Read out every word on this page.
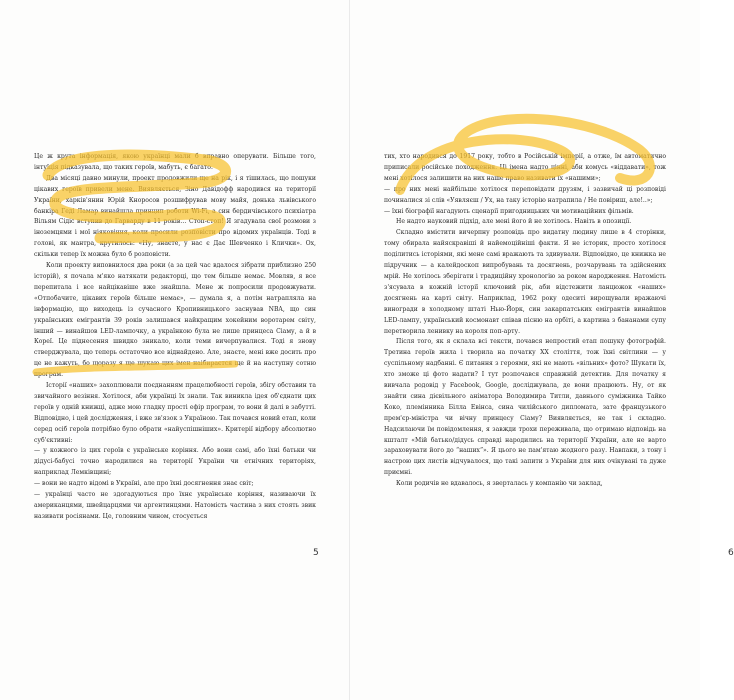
Це ж крута інформація, якою українці мали б вправно оперувати. Більше того, інтуїція підказувала, що таких героїв, мабуть, є багато.

Два місяці давно минули, проект продовжили ще на рік, і я тішилась, що пошуки цікавих героїв привели мене. Виявляється, Зіно Давідофф народився на території України, харків'янин Юрій Кноросов розшифрував мову майя, донька львівського банкіра Геді Ламар винайшла принцип роботи Wi-Fi, а син бердичівського психіатра Вільям Сідіс вступив до Гарварду в 11 років… Стоп-стоп! Я згадувала свої розмови з іноземцями і мої ніяковіння, коли просили розповісти про відомих українців. Тоді в голові, як мантра, крутилось: «Ну, знаєте, у нас є Дає Шевченко і Клички». Ох, скільки тепер їх можна було б розповісти.

Коли проекту виповнилося два роки (а за цей час вдалося зібрати приблизно 250 історій), я почала м'яко натякати редакторці, що тем більше немає. Мовляв, я все перепитала і все найцікавіше вже знайшла. Мене ж попросили продовжувати. «Отпобачите, цікавих героїв більше немає», — думала я, а потім натрапляла на інформацію, що виходець із сучасного Кропивницького заснував NBA, що син українських емігрантів 39 років залишався найкращим хокейним воротарем світу, інший — винайшов LED-лампочку, а українкою була не лише принцеса Сіаму, а й в Кореї. Це піднесення швидко зникало, коли теми вичерпувалися. Тоді я знову стверджувала, що теперь остаточно все віднайдено. Але, знаєте, мені вже досить про це не кажуть, бо щоразу я ще шукаю цих імен наібираєтся ще й на наступну сотню програм.

Історії «наших» захоплювали поєднанням працелюбності героїв, збігу обставин та звичайного везіння. Хотілося, аби українці їх знали. Так виникла ідея об'єднати цих героїв у одній книжці, адже мою гладку прості ефір програм, то вони й далі в забутті. Відповідно, і цей дослідження, і вже зв'язок з Україною. Так почався новий етап, коли серед осіб героїв потрібно було обрати «найуспішніших». Критерії відбору абсолютно суб'єктивні:

— у кожного із цих героїв є українське коріння. Або вони самі, або їхні батьки чи дідусі-бабусі точно народилися на території України чи етнічних територіях, наприклад Лемківщині;

— вони не надто відомі в Україні, але про їхні досягнення знає світ;

— українці часто не здогадуються про їхнє українське коріння, називаючи їх американцями, швейцарцями чи аргентинцями. Натомість частина з них стоять звик називати росіянами. Це, головним чином, стосується

5

тих, хто народився до 1917 року, тобто в Російській імперії, а отже, їм автоматично приписали російське походження. Ці імена надто цінні, аби комусь «віддавати», тож мені хотілося залишити на них наше право називати їх «нашими»;

— про них мені найбільше хотілося переповідати друзям, і зазвичай ці розповіді починалися зі слів «Уявляєш / Ух, на таку історію натрапила / Не повіриш, але!..»;

— їхні біографії нагадують сценарії пригодницьких чи мотиваційних фільмів.

Не надто науковий підхід, але мені його й не хотілось. Навіть в опозиції.

Складно вмістити вичерпну розповідь про видатну людину лише в 4 сторінки, тому обирала найяскравіші й найемоційніші факти. Я не історик, просто хотілося поділитись історіями, які мене самі вражають та здивували. Відповідно, це книжка не підручник — а калейдоскоп випробувань та досягнень, розчарувань та здійснених мрій. Не хотілось зберігати і традиційну хронологію за роком народження. Натомість з'ясувала в кожній історії ключовий рік, аби відстежити ланцюжок «наших» досягнень на карті світу. Наприклад, 1962 року одеситі вирощували вражаючі виногради в холодному штаті Нью-Йорк, син закарпатських емігрантів винайшов LED-лампу, український космонавт співав пісню на орбіті, а картина з бананами супу перетворила ленивку на короля поп-арту.

Після того, як я склала всі тексти, почався непростий етап пошуку фотографій. Третина героїв жила і творила на початку XX століття, тож їхні світлини — у суспільному надбанні. Є питання з героями, які не мають «вільних» фото? Шукати їх, хто зможе ці фото надати? І тут розпочався справжній детектив. Для початку я вивчала родовід у Facebook, Google, досліджувала, де вони працюють. Ну, от як знайти сина дієвільного аніматора Володимира Титли, давнього суміжника Тайко Коко, племінника Білла Евінса, сина чилійського дипломата, зате французького прем'єр-міністра чи вічну принцесу Сіаму? Виявляється, не так і складно. Надсилаючи їм повідомлення, я завжди трохи переживала, що отримаю відповідь на кшталт «Мій батько/дідусь справді народились на території України, але не варто зараховувати його до “наших”». Я цього не пам'ятаю жодного разу. Навпаки, з тону і настрою цих листів відчувалося, що такі запити з України для них очікувані та дуже приємні.

Коли родичів не вдавалось, я зверталась у компанію чи заклад,

6
